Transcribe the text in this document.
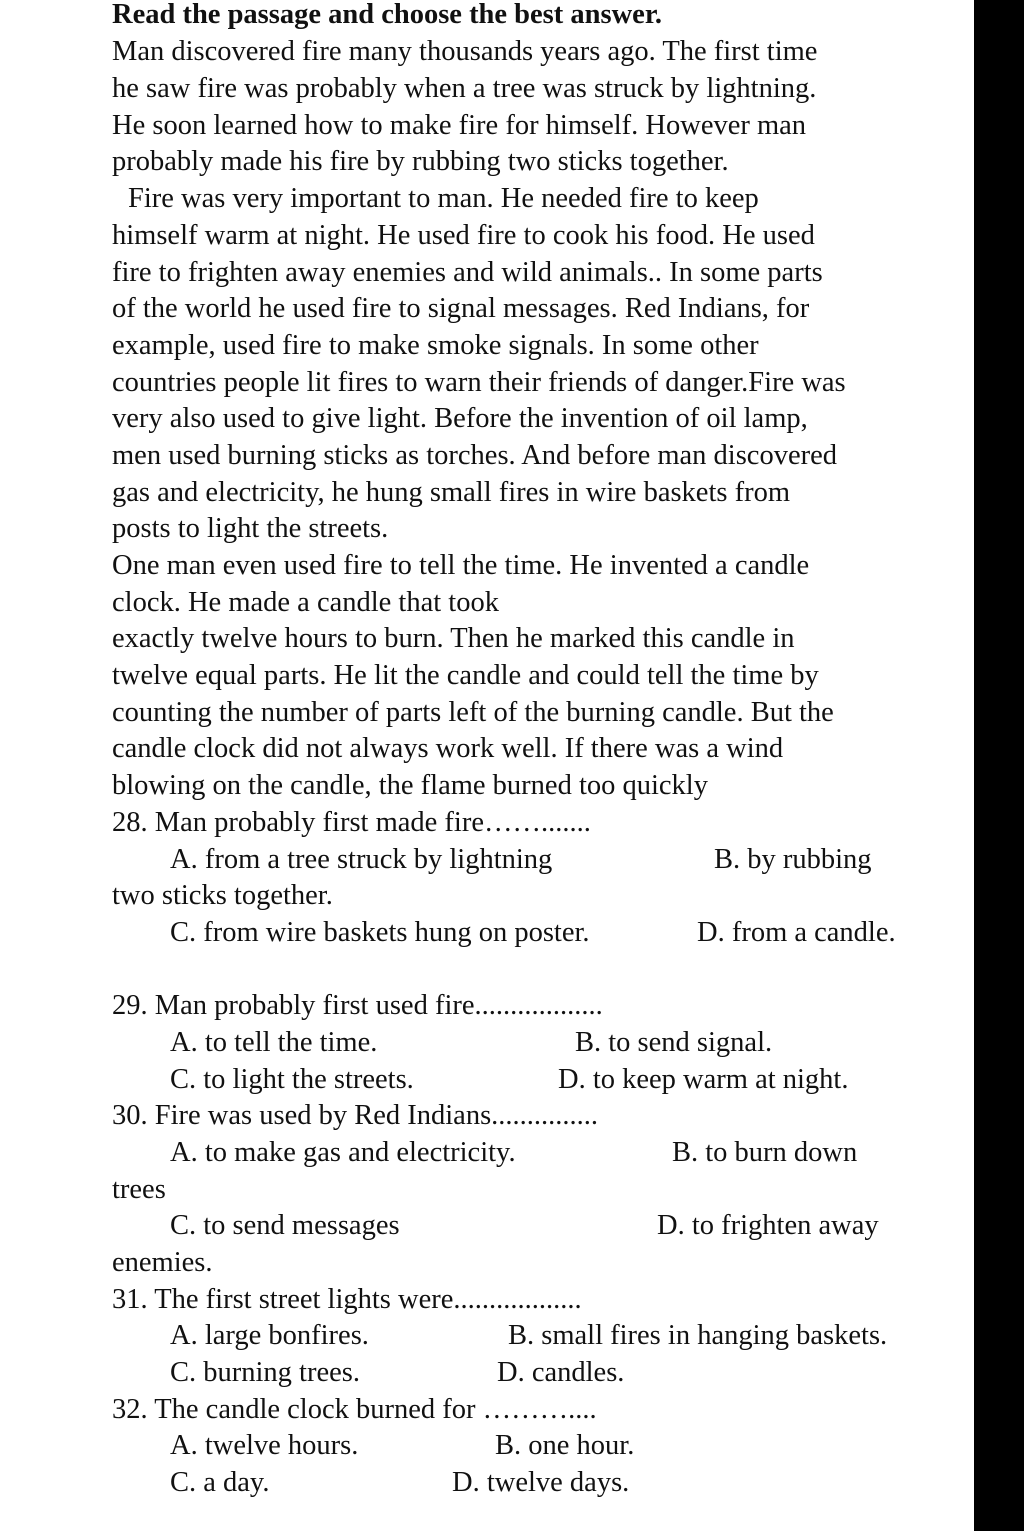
Read the passage and choose the best answer.

Man discovered fire many thousands years ago. The first time

he saw fire was probably when a tree was struck by lightning.

He soon learned how to make fire for himself. However man

probably made his fire by rubbing two sticks together.

Fire was very important to man. He needed fire to keep

himself warm at night. He used fire to cook his food. He used

fire to frighten away enemies and wild animals.. In some parts

of the world he used fire to signal messages. Red Indians, for

example, used fire to make smoke signals. In some other

countries people lit fires to warn their friends of danger.Fire was

very also used to give light. Before the invention of oil lamp,

men used burning sticks as torches. And before man discovered

gas and electricity, he hung small fires in wire baskets from

posts to light the streets.

One man even used fire to tell the time. He invented a candle

clock. He made a candle that took

exactly twelve hours to burn. Then he marked this candle in

twelve equal parts. He lit the candle and could tell the time by

counting the number of parts left of the burning candle. But the

candle clock did not always work well. If there was a wind

blowing on the candle, the flame burned too quickly

28. Man probably first made fire…….......

A. from a tree struck by lightning	B. by rubbing

two sticks together.

C. from wire baskets hung on poster.	D. from a candle.

29. Man probably first used fire..................

A. to tell the time.	B. to send signal.

C. to light the streets.	D. to keep warm at night.

30. Fire was used by Red Indians...............

A. to make gas and electricity.	B. to burn down

trees

C. to send messages	D. to frighten away

enemies.

31. The first street lights were..................

A. large bonfires.	B. small fires in hanging baskets.

C. burning trees.	D. candles.

32. The candle clock burned for ………....

A. twelve hours.	B. one hour.

C. a day.	D. twelve days.
